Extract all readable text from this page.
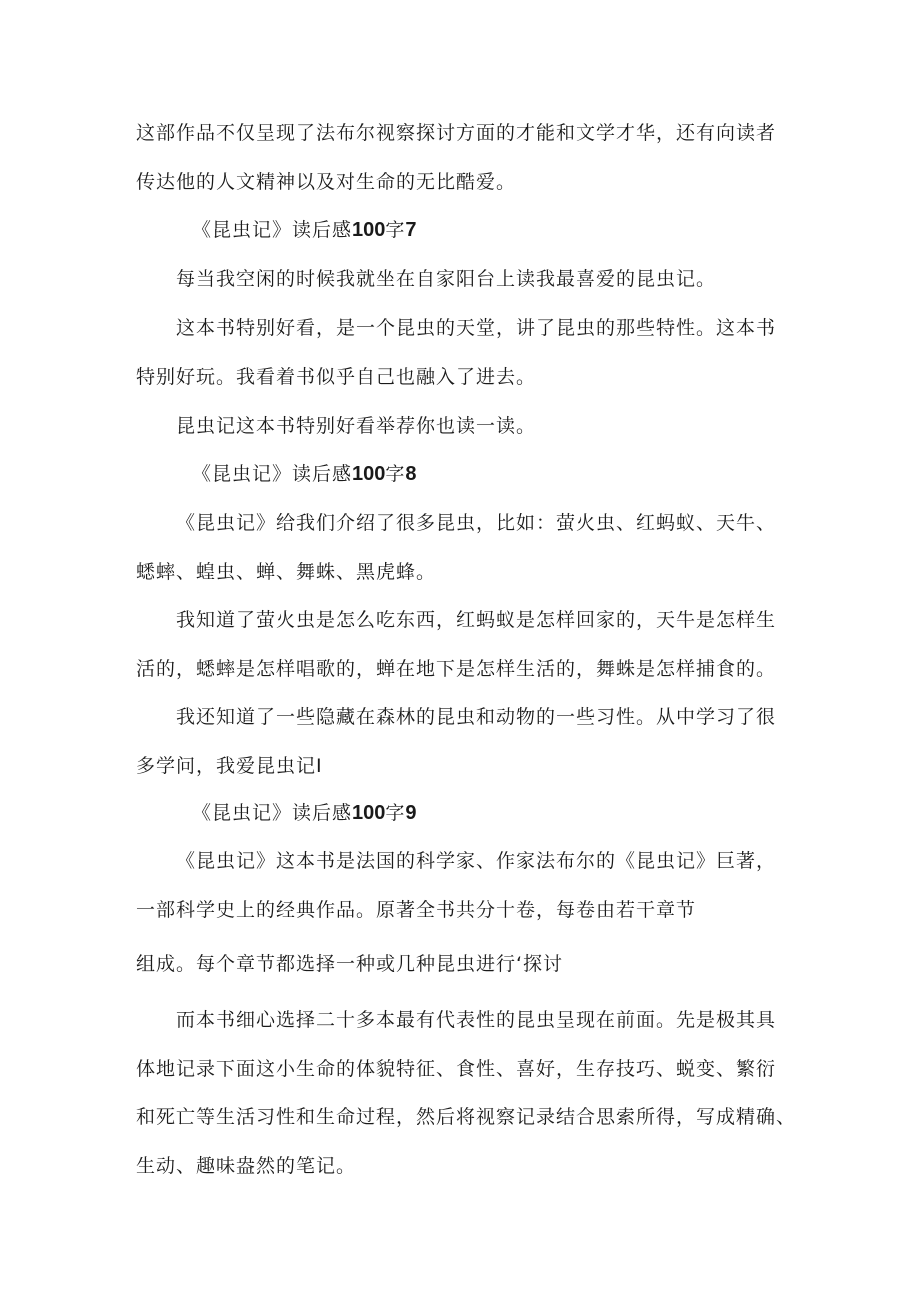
这部作品不仅呈现了法布尔视察探讨方面的才能和文学才华，还有向读者
传达他的人文精神以及对生命的无比酷爱。
《昆虫记》读后感100字7
每当我空闲的时候我就坐在自家阳台上读我最喜爱的昆虫记。
这本书特别好看，是一个昆虫的天堂，讲了昆虫的那些特性。这本书
特别好玩。我看着书似乎自己也融入了进去。
昆虫记这本书特别好看举荐你也读一读。
《昆虫记》读后感100字8
《昆虫记》给我们介绍了很多昆虫，比如：萤火虫、红蚂蚁、天牛、
蟋蟀、蝗虫、蝉、舞蛛、黑虎蜂。
我知道了萤火虫是怎么吃东西，红蚂蚁是怎样回家的，天牛是怎样生
活的，蟋蟀是怎样唱歌的，蝉在地下是怎样生活的，舞蛛是怎样捕食的。
我还知道了一些隐藏在森林的昆虫和动物的一些习性。从中学习了很
多学问，我爱昆虫记I
《昆虫记》读后感100字9
《昆虫记》这本书是法国的科学家、作家法布尔的《昆虫记》巨著，
一部科学史上的经典作品。原著全书共分十卷，每卷由若干章节
组成。每个章节都选择一种或几种昆虫进行‘探讨
而本书细心选择二十多本最有代表性的昆虫呈现在前面。先是极其具
体地记录下面这小生命的体貌特征、食性、喜好，生存技巧、蜕变、繁衍
和死亡等生活习性和生命过程，然后将视察记录结合思索所得，写成精确、
生动、趣味盎然的笔记。
